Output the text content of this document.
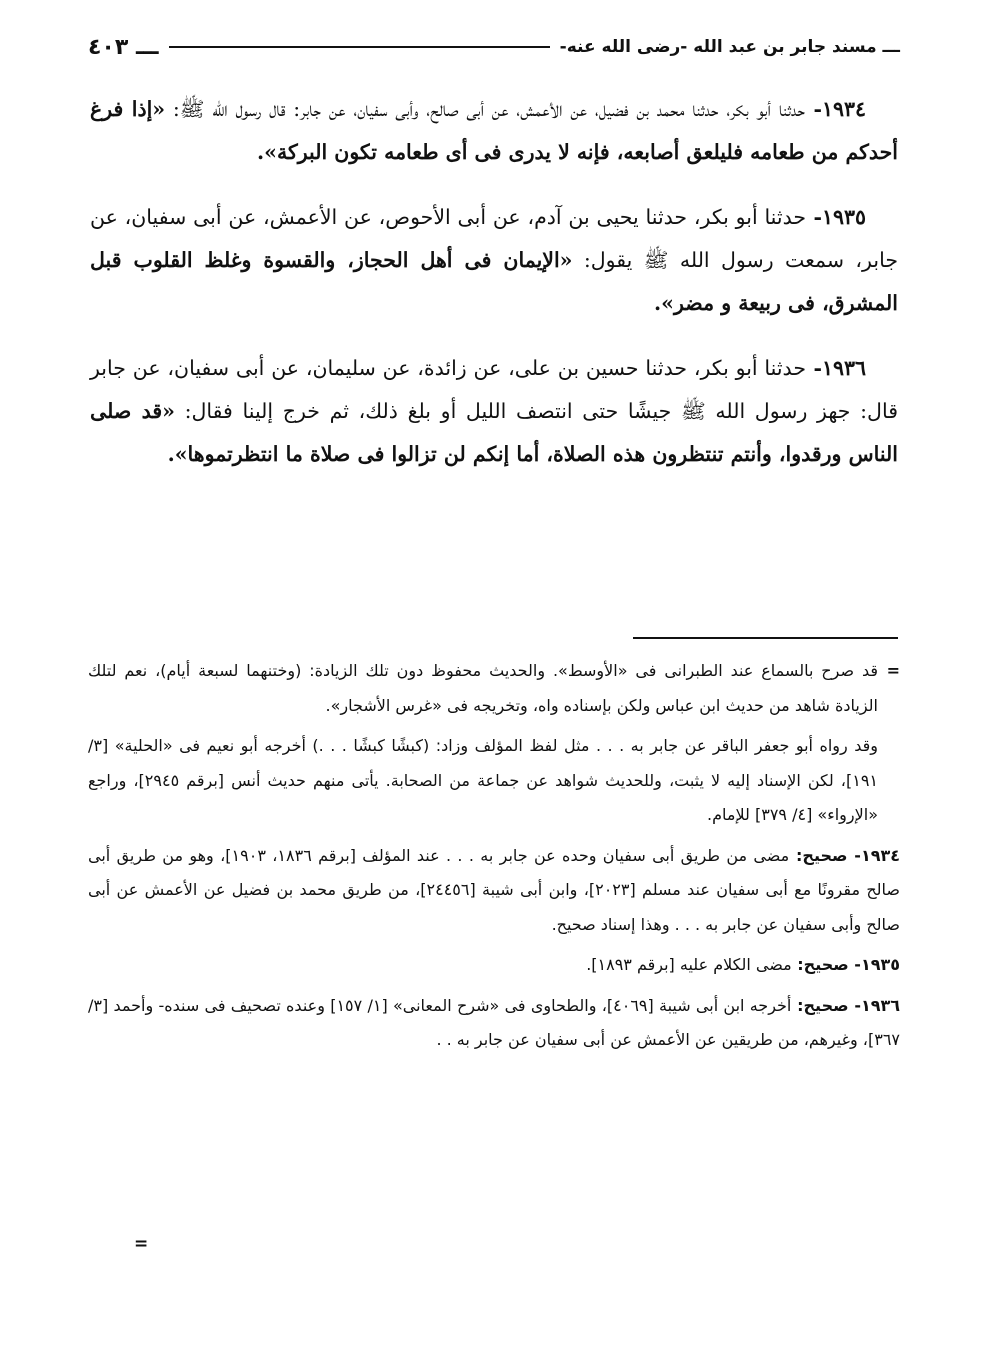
ـــ مسند جابر بن عبد الله -رضى الله عنه-
ـــ ٤٠٣

١٩٣٤- حدثنا أبو بكر، حدثنا محمد بن فضيل، عن الأعمش، عن أبى صالح، وأبى سفيان، عن جابر: قال رسول الله ﷺ: «إذا فرغ أحدكم من طعامه فليلعق أصابعه، فإنه لا يدرى فى أى طعامه تكون البركة».

١٩٣٥- حدثنا أبو بكر، حدثنا يحيى بن آدم، عن أبى الأحوص، عن الأعمش، عن أبى سفيان، عن جابر، سمعت رسول الله ﷺ يقول: «الإيمان فى أهل الحجاز، والقسوة وغلظ القلوب قبل المشرق، فى ربيعة و مضر».

١٩٣٦- حدثنا أبو بكر، حدثنا حسين بن على، عن زائدة، عن سليمان، عن أبى سفيان، عن جابر قال: جهز رسول الله ﷺ جيشًا حتى انتصف الليل أو بلغ ذلك، ثم خرج إلينا فقال: «قد صلى الناس ورقدوا، وأنتم تنتظرون هذه الصلاة، أما إنكم لن تزالوا فى صلاة ما انتظرتموها».

=
قد صرح بالسماع عند الطبرانى فى «الأوسط». والحديث محفوظ دون تلك الزيادة: (وختنهما لسبعة أيام)، نعم لتلك الزيادة شاهد من حديث ابن عباس ولكن بإسناده واه، وتخريجه فى «غرس الأشجار».

وقد رواه أبو جعفر الباقر عن جابر به . . . مثل لفظ المؤلف وزاد: (كبشًا كبشًا . . .) أخرجه أبو نعيم فى «الحلية» [٣/ ١٩١]، لكن الإسناد إليه لا يثبت، وللحديث شواهد عن جماعة من الصحابة. يأتى منهم حديث أنس [برقم ٢٩٤٥]، وراجع «الإرواء» [٤/ ٣٧٩] للإمام.

١٩٣٤- صحيح: مضى من طريق أبى سفيان وحده عن جابر به . . . عند المؤلف [برقم ١٨٣٦، ١٩٠٣]، وهو من طريق أبى صالح مقرونًا مع أبى سفيان عند مسلم [٢٠٢٣]، وابن أبى شيبة [٢٤٤٥٦]، من طريق محمد بن فضيل عن الأعمش عن أبى صالح وأبى سفيان عن جابر به . . . وهذا إسناد صحيح.

١٩٣٥- صحيح: مضى الكلام عليه [برقم ١٨٩٣].

١٩٣٦- صحيح: أخرجه ابن أبى شيبة [٤٠٦٩]، والطحاوى فى «شرح المعانى» [١/ ١٥٧] وعنده تصحيف فى سنده- وأحمد [٣/ ٣٦٧]، وغيرهم، من طريقين عن الأعمش عن أبى سفيان عن جابر به . .

=
